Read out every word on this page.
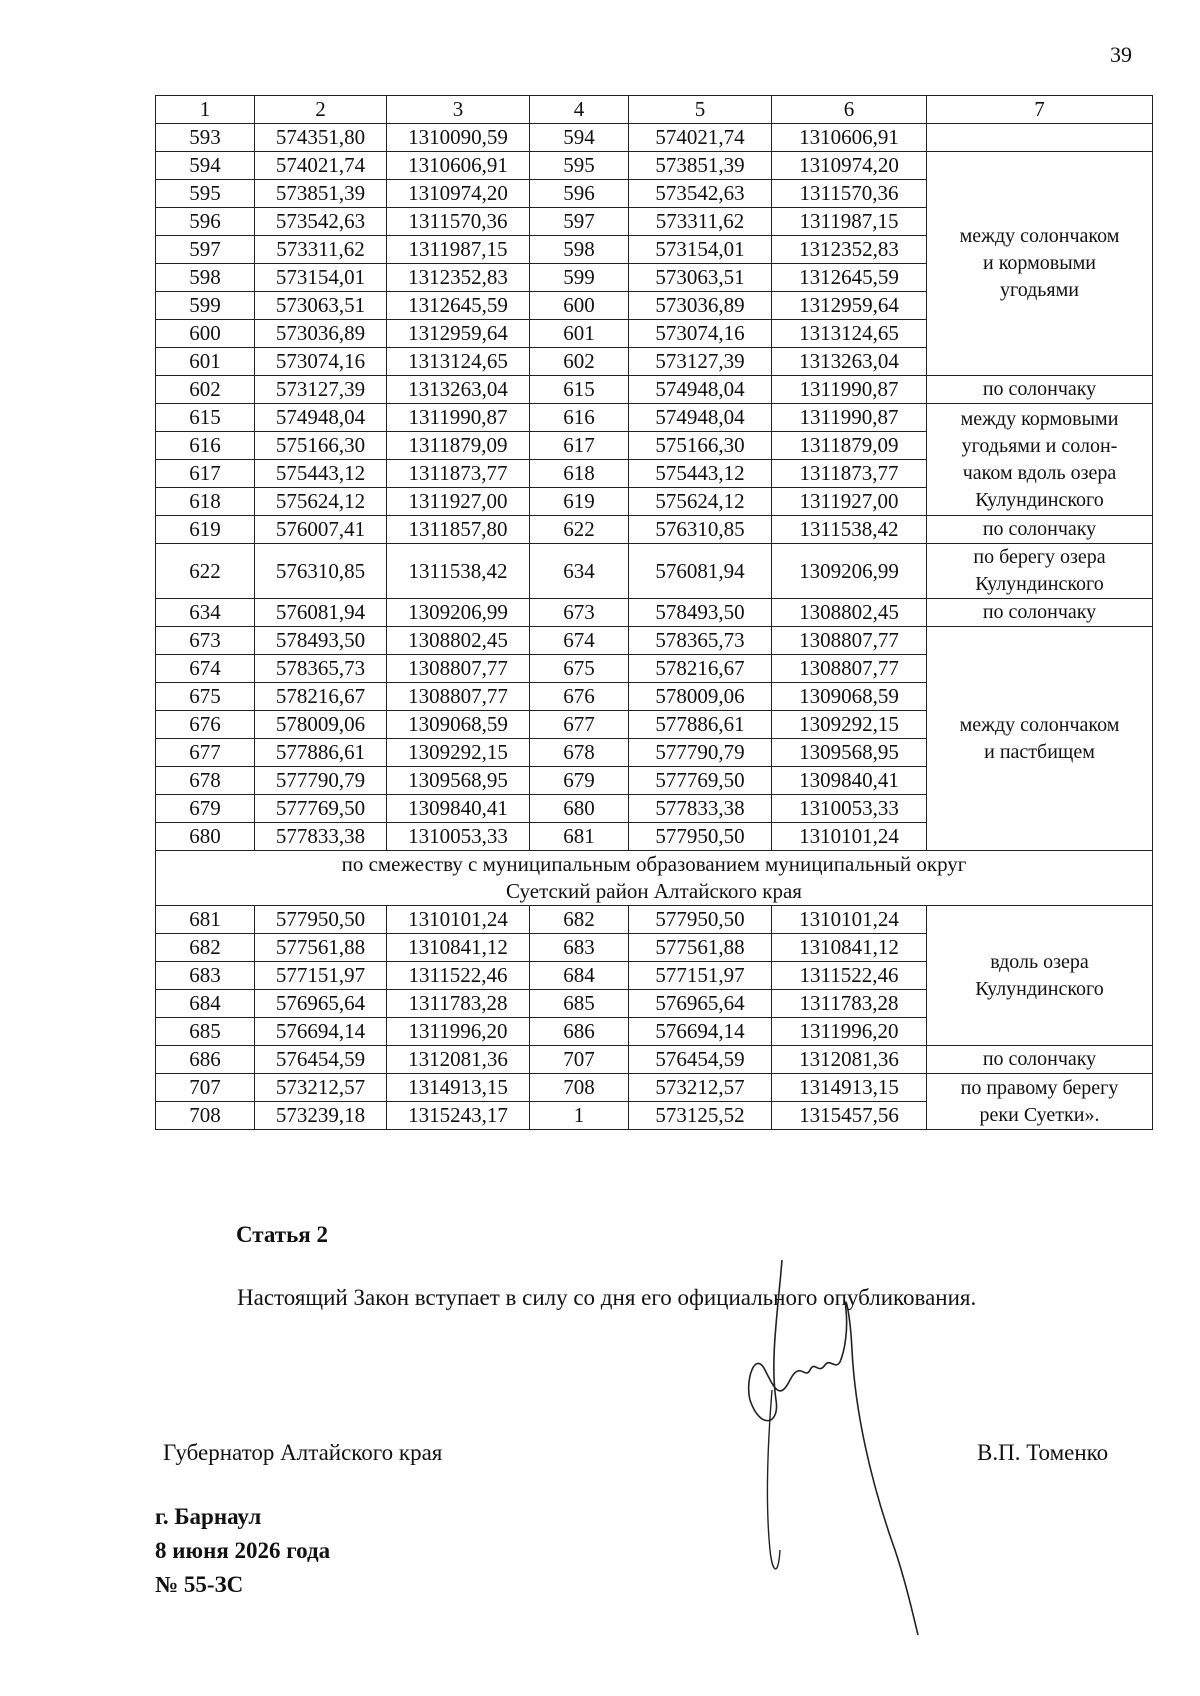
39
1	2	3	4	5	6	7
593	574351,80	1310090,59	594	574021,74	1310606,91	

594	574021,74	1310606,91	595	573851,39	1310974,20	между солончаком
и кормовыми
угодьями

595	573851,39	1310974,20	596	573542,63	1311570,36	
596	573542,63	1311570,36	597	573311,62	1311987,15	
597	573311,62	1311987,15	598	573154,01	1312352,83	
598	573154,01	1312352,83	599	573063,51	1312645,59	
599	573063,51	1312645,59	600	573036,89	1312959,64	
600	573036,89	1312959,64	601	573074,16	1313124,65	
601	573074,16	1313124,65	602	573127,39	1313263,04	
602	573127,39	1313263,04	615	574948,04	1311990,87	по солончаку

615	574948,04	1311990,87	616	574948,04	1311990,87	между кормовыми
угодьями и солон-
чаком вдоль озера
Кулундинского

616	575166,30	1311879,09	617	575166,30	1311879,09	
617	575443,12	1311873,77	618	575443,12	1311873,77	
618	575624,12	1311927,00	619	575624,12	1311927,00	
619	576007,41	1311857,80	622	576310,85	1311538,42	по солончаку

622	576310,85	1311538,42	634	576081,94	1309206,99	по берегу озера
Кулундинского

634	576081,94	1309206,99	673	578493,50	1308802,45	по солончаку

673	578493,50	1308802,45	674	578365,73	1308807,77	между солончаком
и пастбищем

674	578365,73	1308807,77	675	578216,67	1308807,77	
675	578216,67	1308807,77	676	578009,06	1309068,59	
676	578009,06	1309068,59	677	577886,61	1309292,15	
677	577886,61	1309292,15	678	577790,79	1309568,95	
678	577790,79	1309568,95	679	577769,50	1309840,41	
679	577769,50	1309840,41	680	577833,38	1310053,33	
680	577833,38	1310053,33	681	577950,50	1310101,24	

по смежеству с муниципальным образованием муниципальный округ
Суетский район Алтайского края						

681	577950,50	1310101,24	682	577950,50	1310101,24	вдоль озера
Кулундинского

682	577561,88	1310841,12	683	577561,88	1310841,12	
683	577151,97	1311522,46	684	577151,97	1311522,46	
684	576965,64	1311783,28	685	576965,64	1311783,28	
685	576694,14	1311996,20	686	576694,14	1311996,20	
686	576454,59	1312081,36	707	576454,59	1312081,36	по солончаку

707	573212,57	1314913,15	708	573212,57	1314913,15	по правому берегу
реки Суетки».

708	573239,18	1315243,17	1	573125,52	1315457,56	
Статья 2
Настоящий Закон вступает в силу со дня его официального опубликования.
Губернатор Алтайского края	В.П. Томенко
г. Барнаул
8 июня 2026 года
№ 55-ЗС
